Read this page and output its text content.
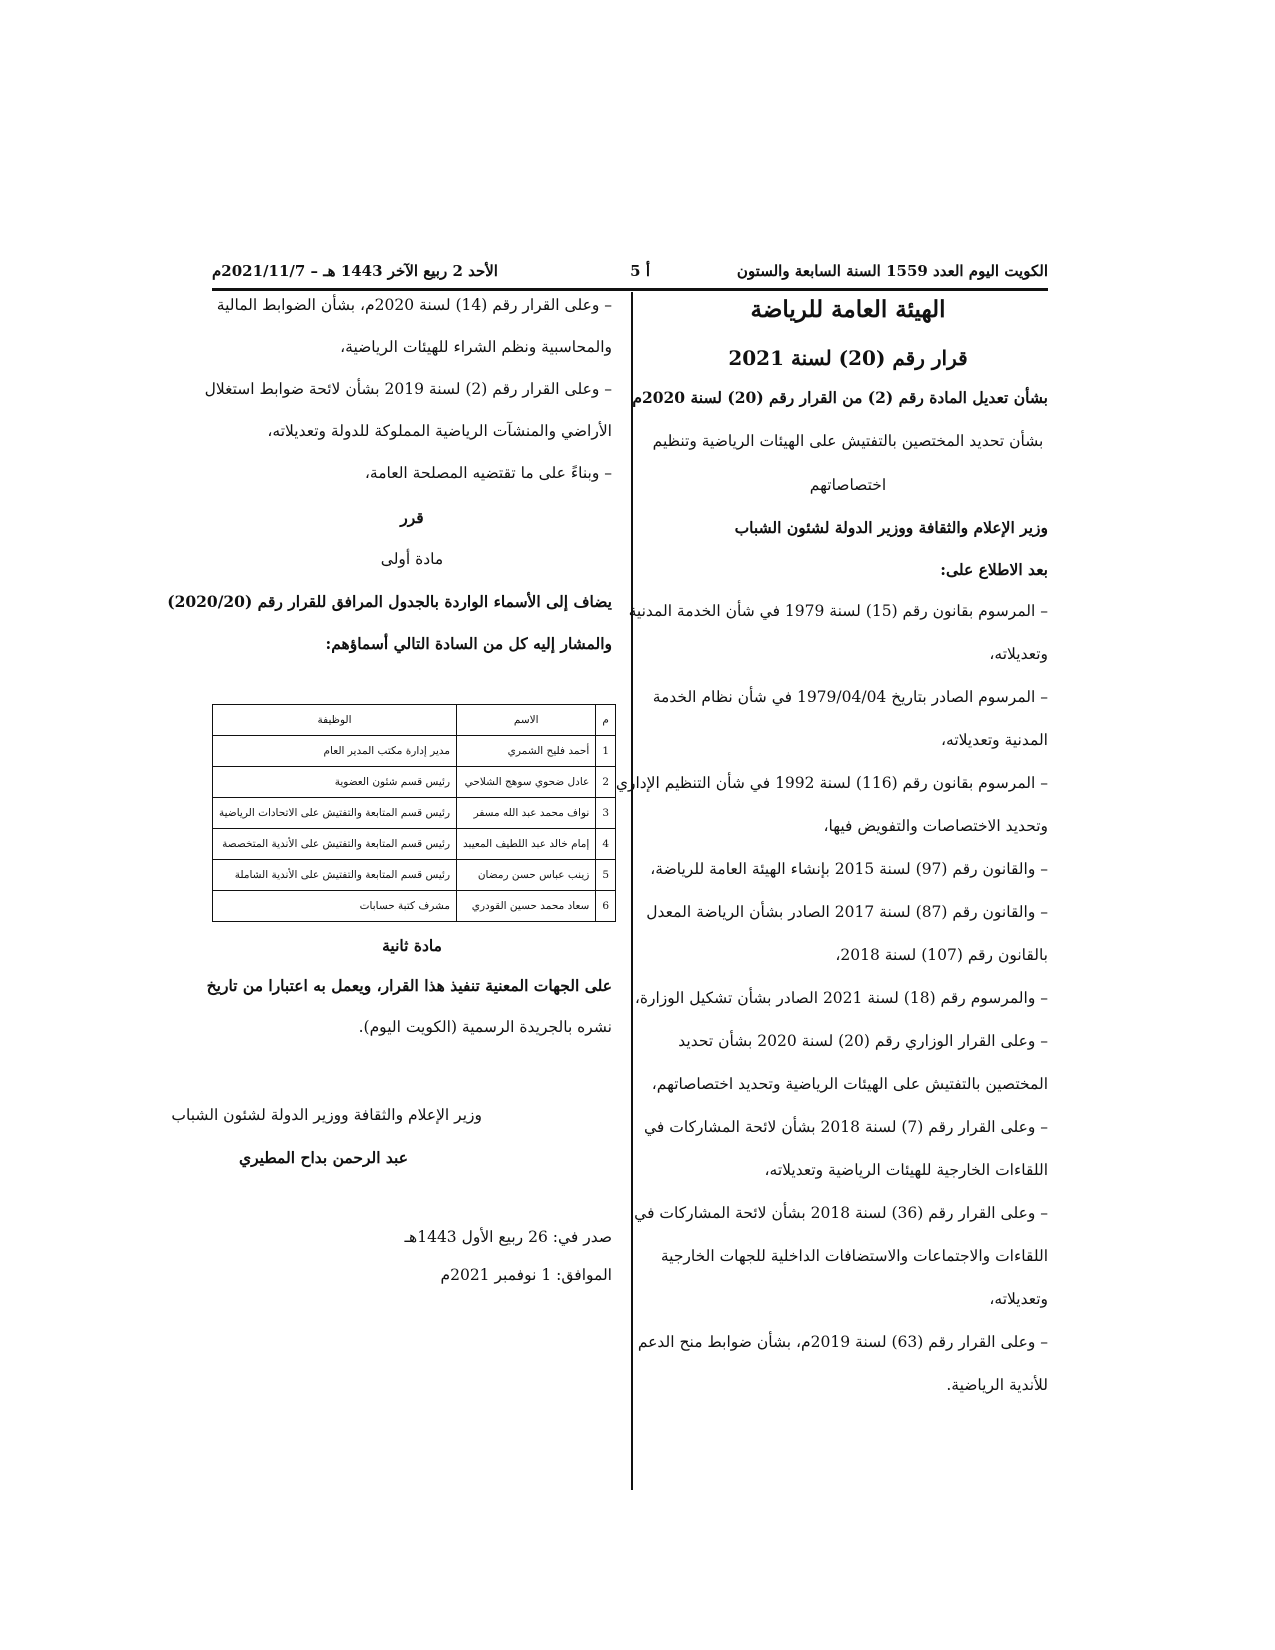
الكويت اليوم العدد 1559 السنة السابعة والستون
أ 5
الأحد 2 ربيع الآخر 1443 هـ – 2021/11/7م
الهيئة العامة للرياضة
قرار رقم (20) لسنة 2021
بشأن تعديل المادة رقم (2) من القرار رقم (20) لسنة 2020م
بشأن تحديد المختصين بالتفتيش على الهيئات الرياضية وتنظيم
اختصاصاتهم
وزير الإعلام والثقافة ووزير الدولة لشئون الشباب
بعد الاطلاع على:
– المرسوم بقانون رقم (15) لسنة 1979 في شأن الخدمة المدنية
وتعديلاته،
– المرسوم الصادر بتاريخ 1979/04/04 في شأن نظام الخدمة
المدنية وتعديلاته،
– المرسوم بقانون رقم (116) لسنة 1992 في شأن التنظيم الإداري
وتحديد الاختصاصات والتفويض فيها،
– والقانون رقم (97) لسنة 2015 بإنشاء الهيئة العامة للرياضة،
– والقانون رقم (87) لسنة 2017 الصادر بشأن الرياضة المعدل
بالقانون رقم (107) لسنة 2018،
– والمرسوم رقم (18) لسنة 2021 الصادر بشأن تشكيل الوزارة،
– وعلى القرار الوزاري رقم (20) لسنة 2020 بشأن تحديد
المختصين بالتفتيش على الهيئات الرياضية وتحديد اختصاصاتهم،
– وعلى القرار رقم (7) لسنة 2018 بشأن لائحة المشاركات في
اللقاءات الخارجية للهيئات الرياضية وتعديلاته،
– وعلى القرار رقم (36) لسنة 2018 بشأن لائحة المشاركات في
اللقاءات والاجتماعات والاستضافات الداخلية للجهات الخارجية
وتعديلاته،
– وعلى القرار رقم (63) لسنة 2019م، بشأن ضوابط منح الدعم
للأندية الرياضية.
– وعلى القرار رقم (14) لسنة 2020م، بشأن الضوابط المالية
والمحاسبية ونظم الشراء للهيئات الرياضية،
– وعلى القرار رقم (2) لسنة 2019 بشأن لائحة ضوابط استغلال
الأراضي والمنشآت الرياضية المملوكة للدولة وتعديلاته،
– وبناءً على ما تقتضيه المصلحة العامة،
قرر
مادة أولى
يضاف إلى الأسماء الواردة بالجدول المرافق للقرار رقم (2020/20)
والمشار إليه كل من السادة التالي أسماؤهم:
م	الاسم	الوظيفة
1	أحمد فليح الشمري	مدير إدارة مكتب المدير العام
2	عادل ضحوي سوهج الشلاحي	رئيس قسم شئون العضوية
3	نواف محمد عبد الله مسفر	رئيس قسم المتابعة والتفتيش على الاتحادات الرياضية
4	إمام خالد عبد اللطيف المعيبد	رئيس قسم المتابعة والتفتيش على الأندية المتخصصة
5	زينب عباس حسن رمضان	رئيس قسم المتابعة والتفتيش على الأندية الشاملة
6	سعاد محمد حسين القودري	مشرف كتبة حسابات
مادة ثانية
على الجهات المعنية تنفيذ هذا القرار، ويعمل به اعتبارا من تاريخ
نشره بالجريدة الرسمية (الكويت اليوم).
وزير الإعلام والثقافة ووزير الدولة لشئون الشباب
عبد الرحمن بداح المطيري
صدر في: 26 ربيع الأول 1443هـ
الموافق: 1 نوفمبر 2021م
